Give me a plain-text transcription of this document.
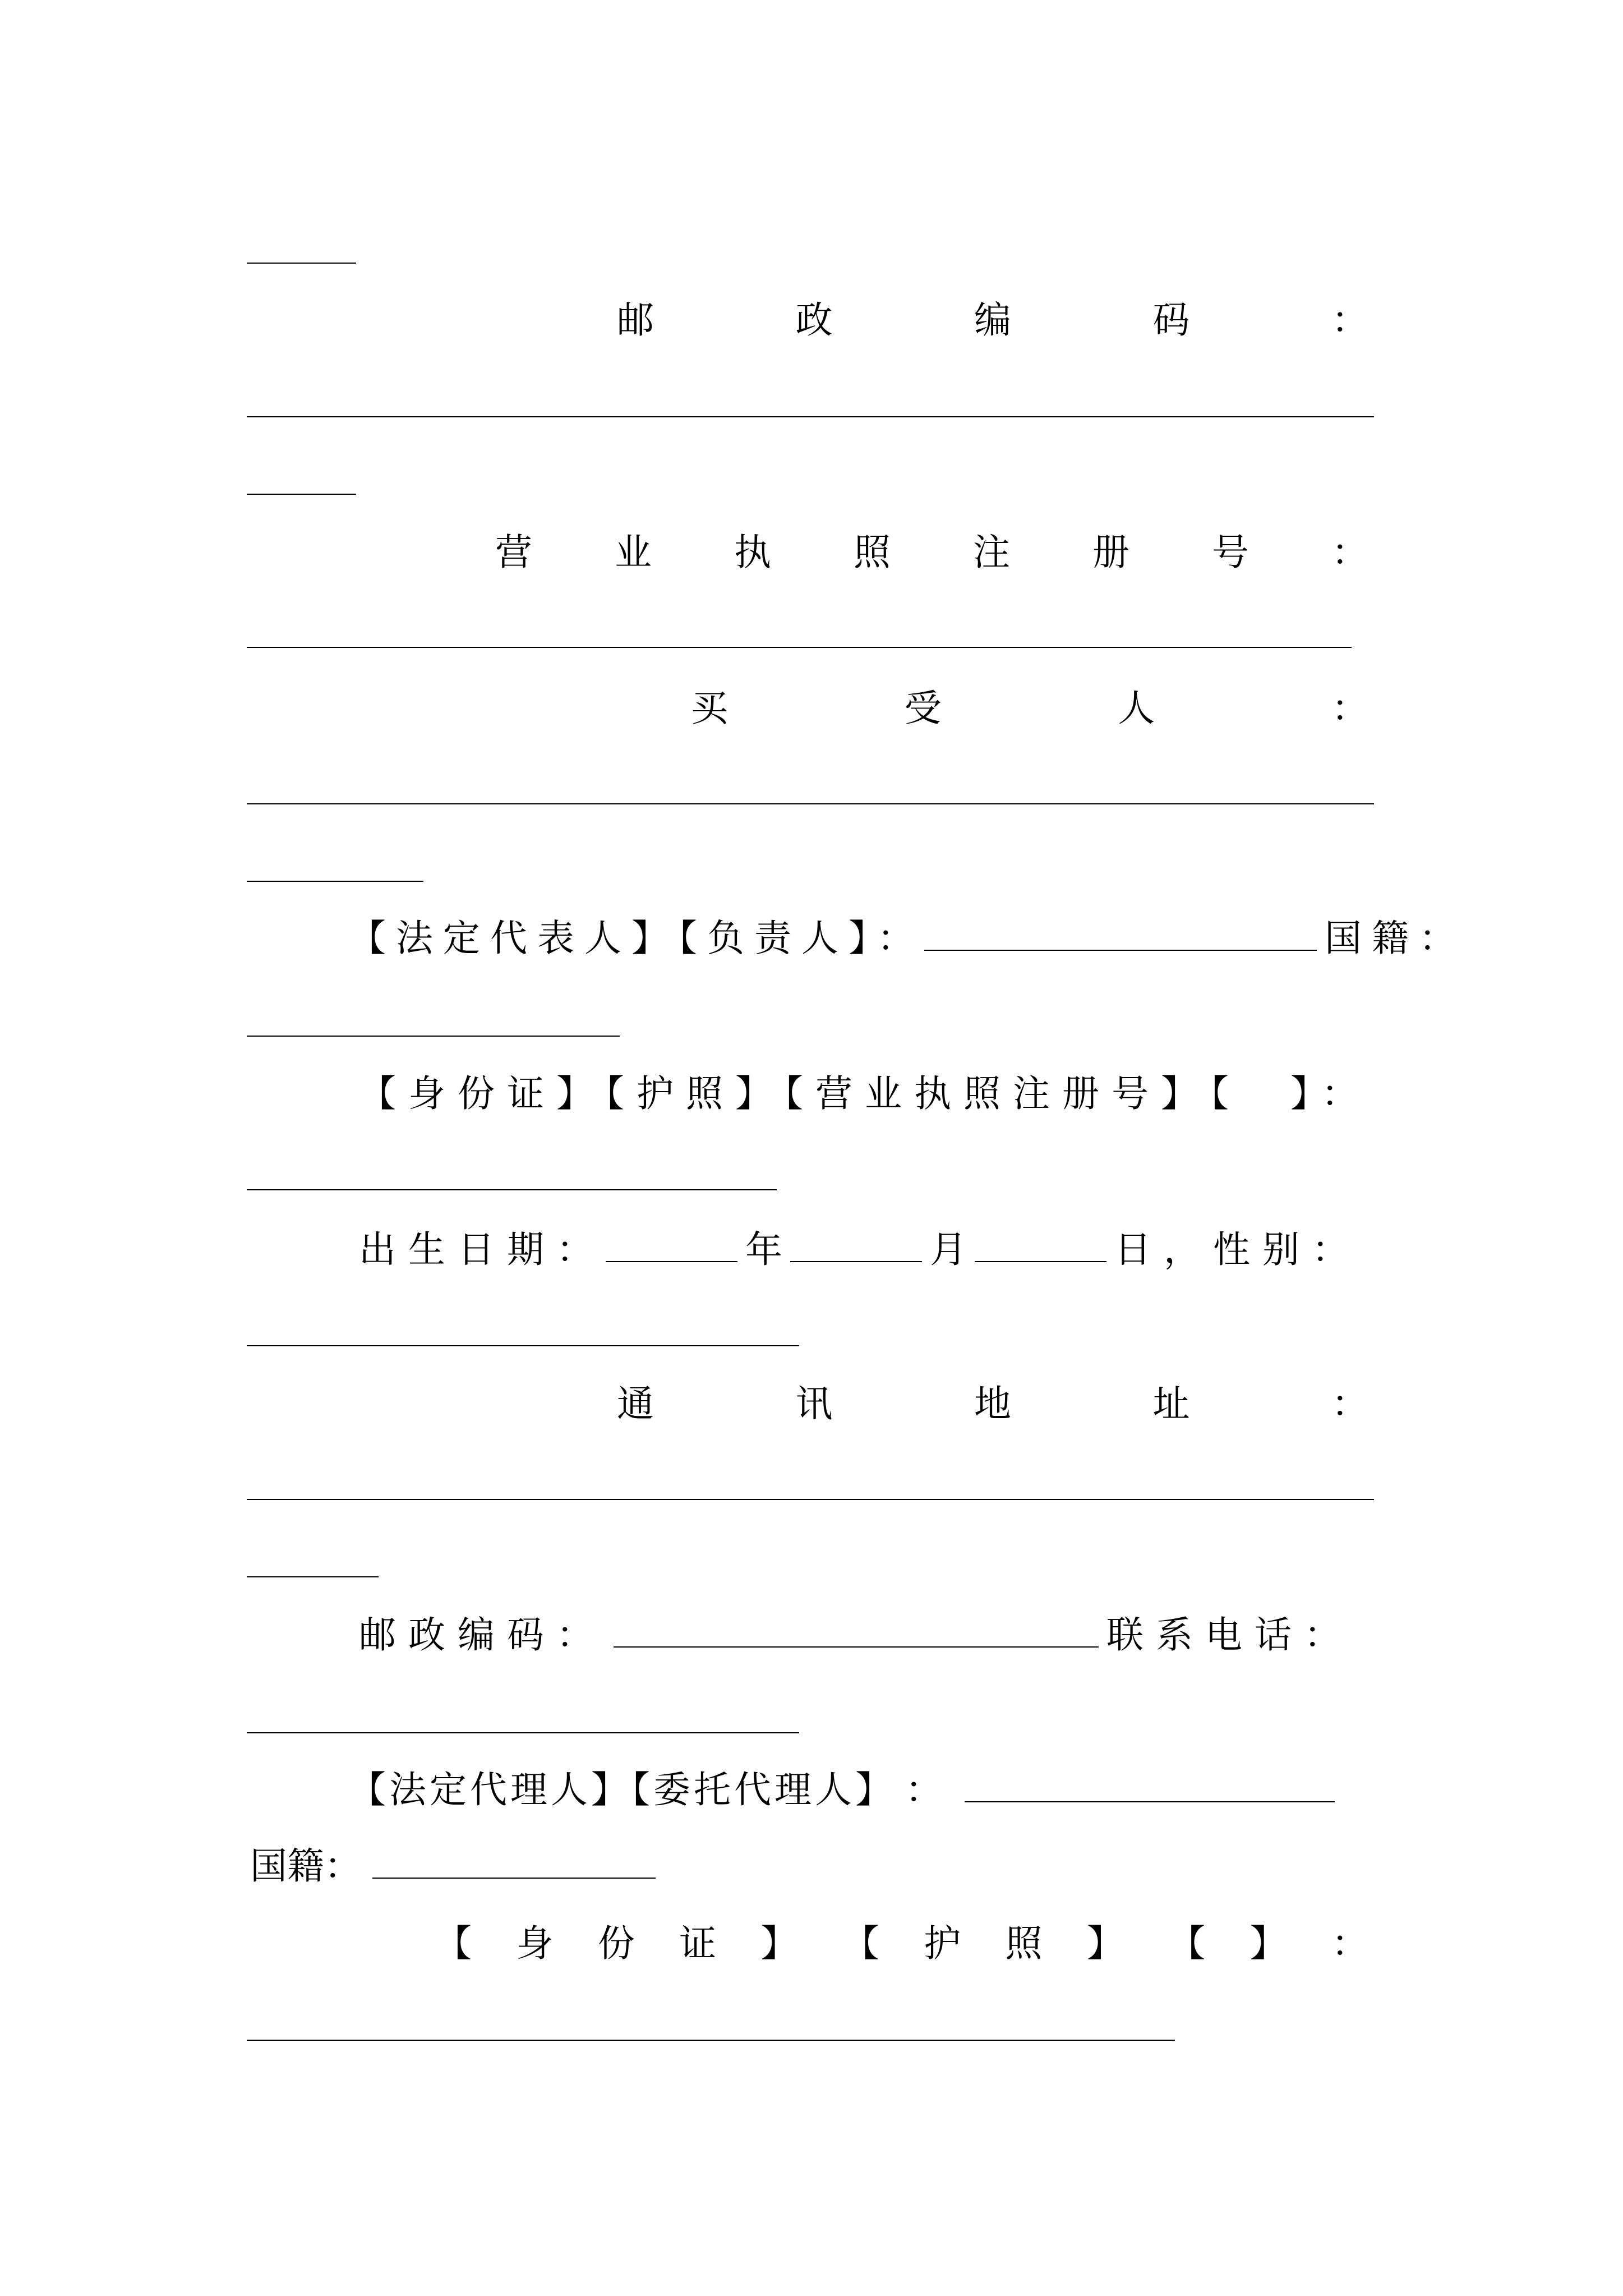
邮	政	编	码	：
营 业 执 照 注 册 号 ：
买	受	人	：
【法定代表人】【负责人】：	国籍：
【身份证】【护照】【营业执照注册号】【　】：
出生日期：	年	月	日，性别：
通	讯	地	址	：
邮政编码：	联系电话：
【法定代理人】【委托代理人】 ：
国籍：
【 身 份 证 】 【 护 照 】 【 】 ：
